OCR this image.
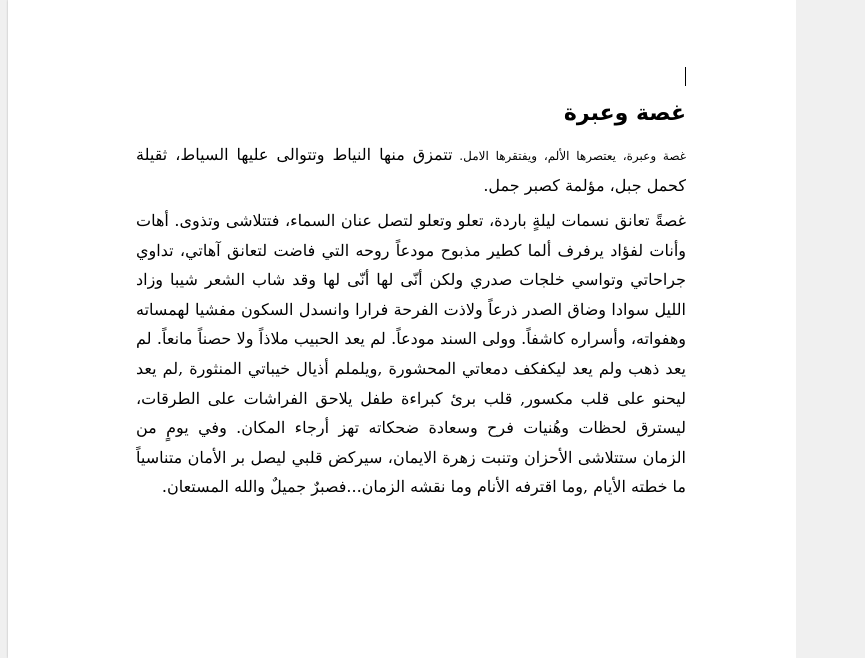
غصة وعبرة

غصة وعبرة، يعتصرها الألم، ويفتقرها الامل. تتمزق منها النياط وتتوالى عليها السياط، ثقيلة كحمل جبل، مؤلمة كصبر جمل.

غصةً تعانق نسمات ليلةٍ باردة، تعلو وتعلو لتصل عنان السماء، فتتلاشى وتذوى. أهات وأنات لفؤاد يرفرف ألما كطير مذبوح مودعاً روحه التي فاضت لتعانق آهاتي، تداوي جراحاتي وتواسي خلجات صدري ولكن أنّى لها أنّى لها وقد شاب الشعر شيبا وزاد الليل سوادا وضاق الصدر ذرعاً ولاذت الفرحة فرارا وانسدل السكون مفشيا لهمساته وهفواته، وأسراره كاشفاً. وولى السند مودعاً. لم يعد الحبيب ملاذاً ولا حصناً مانعاً. لم يعد ذهب ولم يعد ليكفكف دمعاتي المحشورة ,ويلملم أذيال خيباتي المنثورة ,لم يعد ليحنو على قلب مكسور, قلب برئ كبراءة طفل يلاحق الفراشات على الطرقات، ليسترق لحظات وهُنيات فرح وسعادة ضحكاته تهز أرجاء المكان. وفي يومٍ من الزمان ستتلاشى الأحزان وتنبت زهرة الايمان، سيركض قلبي ليصل بر الأمان متناسياً ما خطته الأيام ,وما اقترفه الأنام وما نقشه الزمان...فصبرٌ جميلٌ والله المستعان.
